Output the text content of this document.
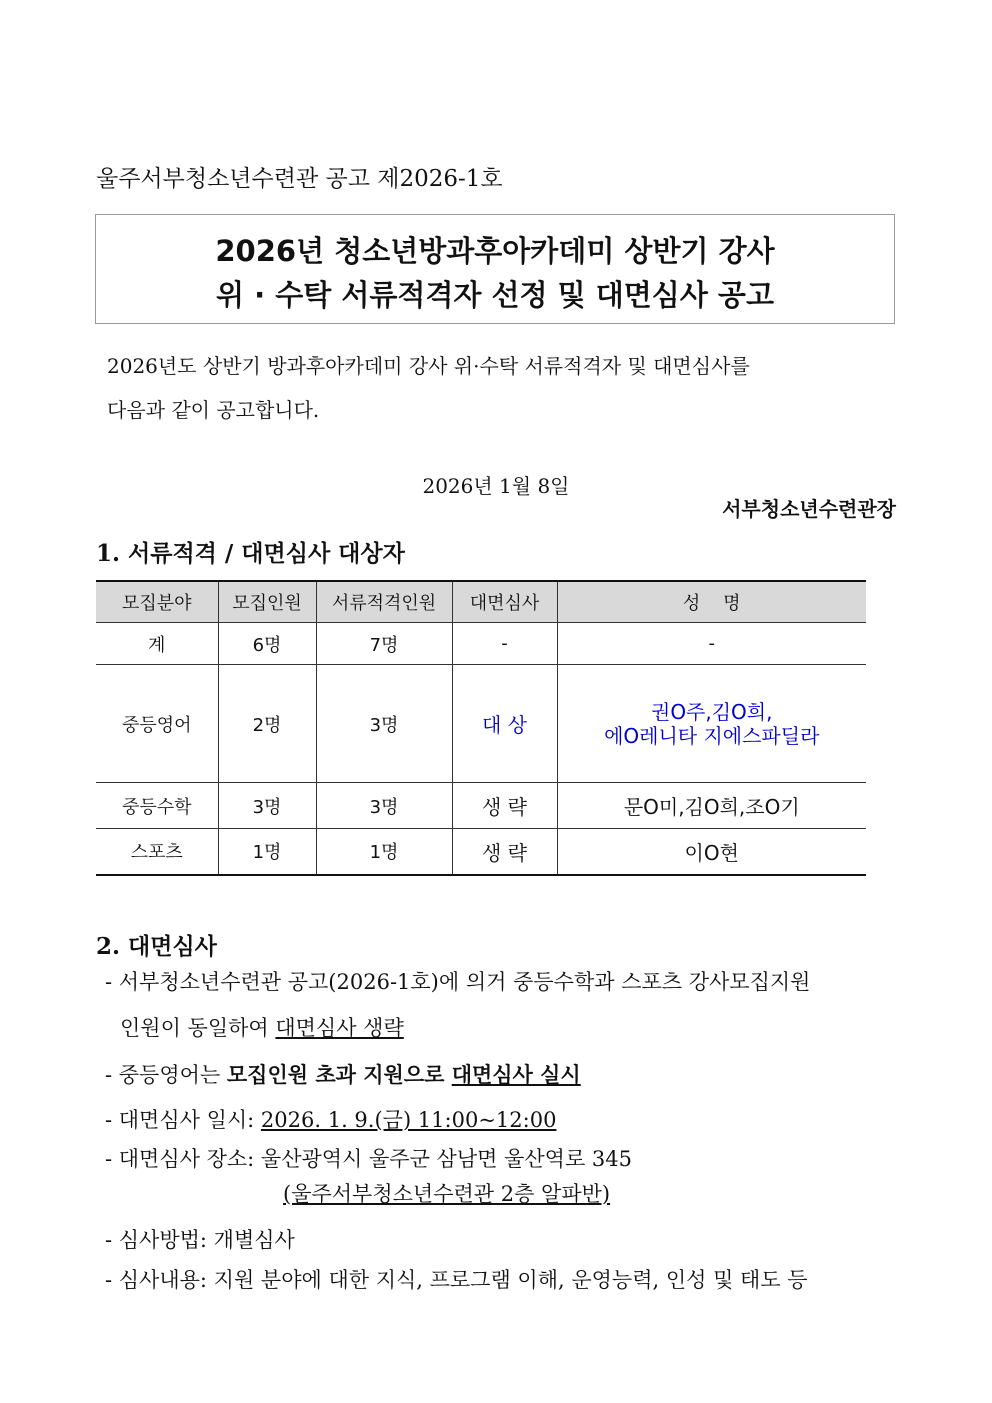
울주서부청소년수련관 공고 제2026-1호
2026년 청소년방과후아카데미 상반기 강사
위 · 수탁 서류적격자 선정 및 대면심사 공고
2026년도 상반기 방과후아카데미 강사 위·수탁 서류적격자 및 대면심사를
다음과 같이 공고합니다.
2026년 1월 8일
서부청소년수련관장
1. 서류적격 / 대면심사 대상자
모집분야	모집인원	서류적격인원	대면심사	성    명
계	6명	7명	-	-
중등영어	2명	3명	대 상	권O주,김O희,
에O레니타 지에스파딜라

중등수학	3명	3명	생 략	문O미,김O희,조O기
스포츠	1명	1명	생 략	이O현
2. 대면심사
- 서부청소년수련관 공고(2026-1호)에 의거 중등수학과 스포츠 강사모집지원
인원이 동일하여 대면심사 생략
- 중등영어는 모집인원 초과 지원으로 대면심사 실시
- 대면심사 일시: 2026. 1. 9.(금) 11:00~12:00
- 대면심사 장소: 울산광역시 울주군 삼남면 울산역로 345
(울주서부청소년수련관 2층 알파반)
- 심사방법: 개별심사
- 심사내용: 지원 분야에 대한 지식, 프로그램 이해, 운영능력, 인성 및 태도 등
